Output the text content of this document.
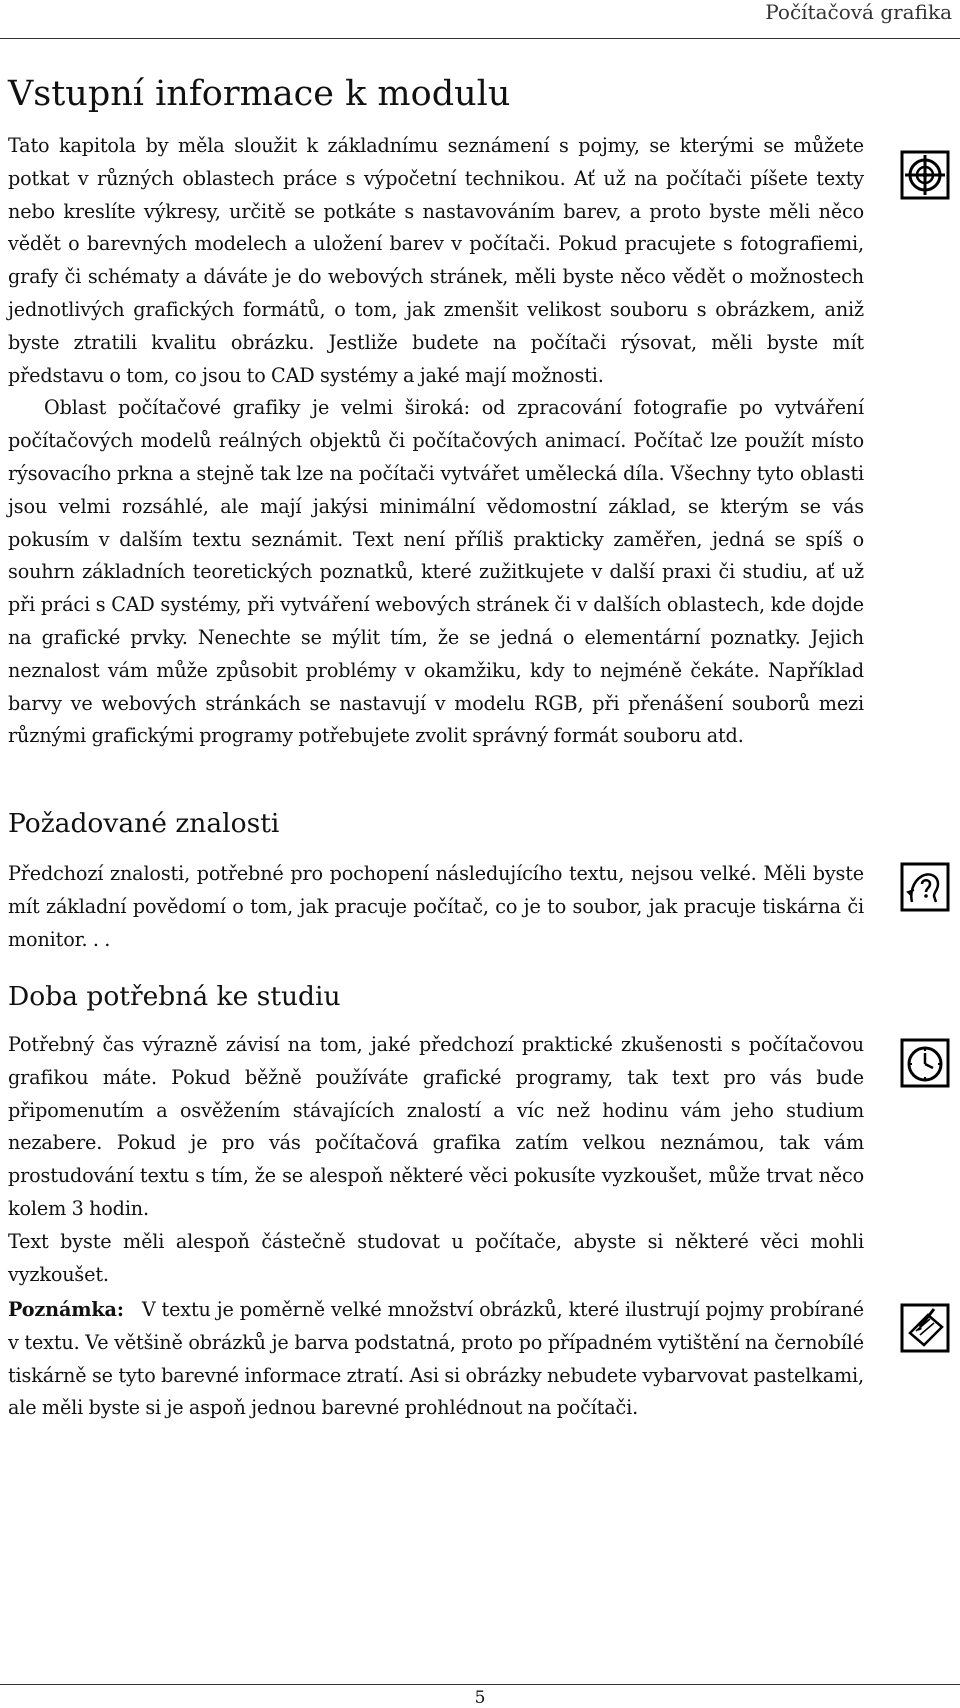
Počítačová grafika
Vstupní informace k modulu

Tato kapitola by měla sloužit k základnímu seznámení s pojmy, se kterými se můžete potkat v různých oblastech práce s výpočetní technikou. Ať už na počítači píšete texty nebo kreslíte výkresy, určitě se potkáte s nastavováním barev, a proto byste měli něco vědět o barevných modelech a uložení barev v počítači. Pokud pracujete s fotografiemi, grafy či schématy a dáváte je do webových stránek, měli byste něco vědět o možnostech jednotlivých grafických formátů, o tom, jak zmenšit velikost souboru s obrázkem, aniž byste ztratili kvalitu obrázku. Jestliže budete na počítači rýsovat, měli byste mít představu o tom, co jsou to CAD systémy a jaké mají možnosti.

Oblast počítačové grafiky je velmi široká: od zpracování fotografie po vytváření počítačových modelů reálných objektů či počítačových animací. Počítač lze použít místo rýsovacího prkna a stejně tak lze na počítači vytvářet umělecká díla. Všechny tyto oblasti jsou velmi rozsáhlé, ale mají jakýsi minimální vědomostní základ, se kterým se vás pokusím v dalším textu seznámit. Text není příliš prakticky zaměřen, jedná se spíš o souhrn základních teoretických poznatků, které zužitkujete v další praxi či studiu, ať už při práci s CAD systémy, při vytváření webových stránek či v dalších oblastech, kde dojde na grafické prvky. Nenechte se mýlit tím, že se jedná o elementární poznatky. Jejich neznalost vám může způsobit problémy v okamžiku, kdy to nejméně čekáte. Například barvy ve webových stránkách se nastavují v modelu RGB, při přenášení souborů mezi různými grafickými programy potřebujete zvolit správný formát souboru atd.

Požadované znalosti

Předchozí znalosti, potřebné pro pochopení následujícího textu, nejsou velké. Měli byste mít základní povědomí o tom, jak pracuje počítač, co je to soubor, jak pracuje tiskárna či monitor. . .

Doba potřebná ke studiu

Potřebný čas výrazně závisí na tom, jaké předchozí praktické zkušenosti s počítačovou grafikou máte. Pokud běžně používáte grafické programy, tak text pro vás bude připomenutím a osvěžením stávajících znalostí a víc než hodinu vám jeho studium nezabere. Pokud je pro vás počítačová grafika zatím velkou neznámou, tak vám prostudování textu s tím, že se alespoň některé věci pokusíte vyzkoušet, může trvat něco kolem 3 hodin.

Text byste měli alespoň částečně studovat u počítače, abyste si některé věci mohli vyzkoušet.

Poznámka: V textu je poměrně velké množství obrázků, které ilustrují pojmy probírané v textu. Ve většině obrázků je barva podstatná, proto po případném vytištění na černobílé tiskárně se tyto barevné informace ztratí. Asi si obrázky nebudete vybarvovat pastelkami, ale měli byste si je aspoň jednou barevné prohlédnout na počítači.

5
